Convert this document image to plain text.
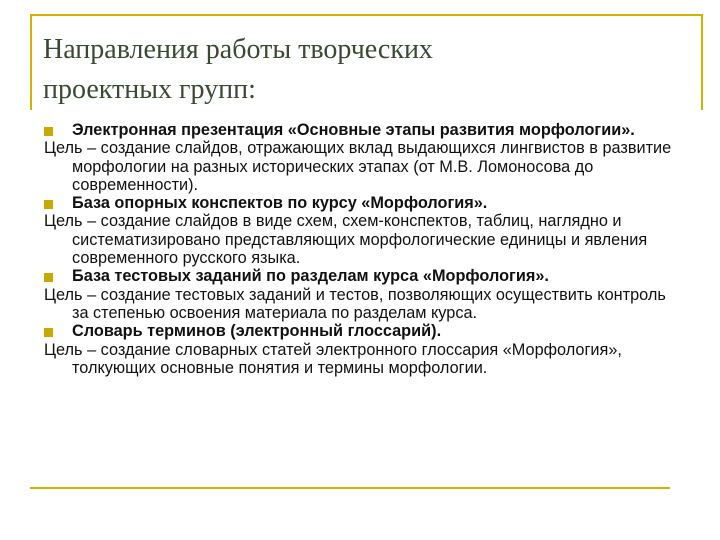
Направления работы творческих
проектных групп:
Электронная презентация «Основные этапы развития морфологии».
Цель – создание слайдов, отражающих вклад выдающихся лингвистов в развитие морфологии на разных исторических этапах (от М.В. Ломоносова до современности).
База опорных конспектов по курсу «Морфология».
Цель – создание слайдов в виде схем, схем-конспектов, таблиц, наглядно и систематизировано представляющих морфологические единицы и явления современного русского языка.
База тестовых заданий по разделам курса «Морфология».
Цель – создание тестовых заданий и тестов, позволяющих осуществить контроль за степенью освоения материала по разделам курса.
Словарь терминов (электронный глоссарий).
Цель – создание словарных статей электронного глоссария «Морфология», толкующих основные понятия и термины морфологии.
